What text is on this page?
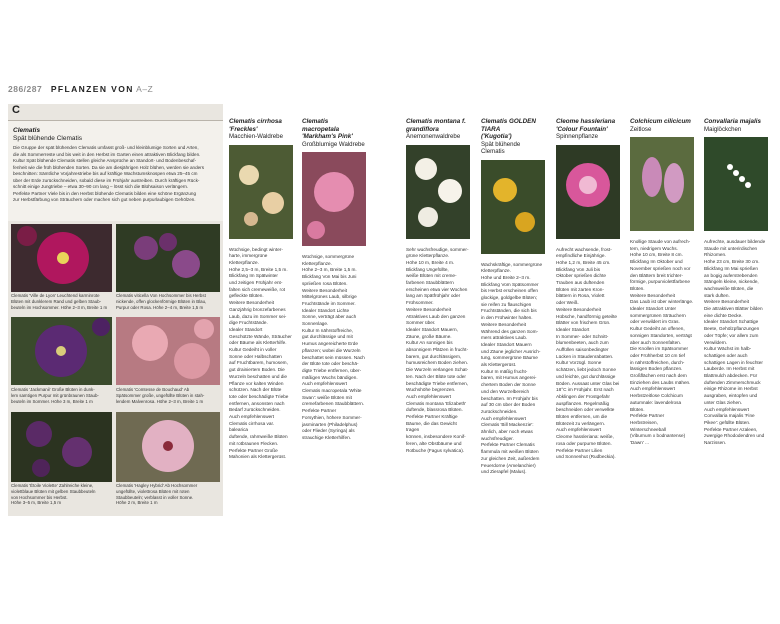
286/287 PFLANZEN VON A–Z
C
Clematis
Spät blühende Clematis
Die Gruppe der spät blühenden Clematis umfasst groß- und kleinblumige Sorten und Arten,
die als Sommerreste und bis weit in den Herbst im Garten einen attraktiven Blickfang bilden.
Kultur Spät blühende Clematis stellen gleiche Ansprüche an Standort- und Bodenbeschaf-
fenheit wie die früh blühenden Sorten. Da sie am diesjährigen Holz blühen, werden sie anders
beschnitten: Sämtliche Vorjahrestriebe bis auf kräftige Wachstumsknospen etwa 25–45 cm
über der Erde zurückschneiden, sobald diese im Frühjahr austreiben. Durch kräftigen Rück-
schnitt einige Jungtriebe – etwa 30–90 cm lang – lösst sich die Blühsaison verlängern.
Perfekte Partner Viele bis in den Herbst blühende Clematis bilden eine schöne Ergänzung
zur Herbstfärbung von Sträuchern oder machen sich gut neben purpurlaubigen Gehölzen.
Clematis 'Ville de Lyon' Leuchtend karminrote
Blüten mit dunklerem Rand und gelben Staub-
beuteln im Hochsommer. Höhe 2–3 m, Breite 1 m
Clematis viticella Von Hochsommer bis Herbst
nickende, offen glockenförmige Blüten in Blau,
Purpur oder Rosa. Höhe 2–4 m, Breite 1,5 m
Clematis 'Jackmanii' Große Blüten in dunk-
lem samtigen Purpur mit grünbraunen Staub-
beuteln im Sommer. Höhe 3 m, Breite 1 m
Clematis 'Comtesse de Bouchaud' Ab
Spätsommer große, ungefüllte Blüten in stah-
lendem Malvenrosa. Höhe 2–3 m, Breite 1 m
Clematis 'Étoile Violette' Zahlreiche kleine,
violettblaue Blüten mit gelben Staubbeuteln
von Hochsommer bis Herbst.
Höhe 3–5 m, Breite 1,5 m
Clematis 'Hagley Hybrid' Ab Hochsommer
ungefüllte, violettrosa Blüten mit roten
Staubbeuteln; verblasst in voller Sonne.
Höhe 2 m, Breite 1 m
Clematis cirrhosa
'Freckles'
Macchien-Waldrebe
Wüchsige, bedingt winter-
harte, immergrüne
Kletterpflanze.
Höhe 2,5–3 m, Breite 1,5 m.
Blickfang Im Spätwinter
und zeitigen Frühjahr ent-
falten sich cremeweiße, rot
gefleckte Blüten.
Weitere Besonderheit
Ganzjährig bronzefarbenes
Laub, dazu im Sommer sei-
dige Fruchtstände.
Idealer Standort
Geschützte Wände, Sträucher
oder Bäume als Kletterhilfe.
Kultur Gedeiht in voller
Sonne oder Halbschatten
auf Fruchtbarem, humosem,
gut drainiertem Boden. Die
Wurzeln beschatten und die
Pflanze vor kalten Winden
schützen. Nach der Blüte
tote oder beschädigte Triebe
entfernen, ansonsten nach
Bedarf zurückschneiden.
Auch empfehlenswert
Clematis cirrhosa var. balearica
duftende, rahmweiße Blüten
mit rotbraunen Flecken.
Perfekte Partner Große
Mahonien als Klettergerüst.
Clematis macropetala
'Markham's Pink'
Großblumige Waldrebe
Wüchsige, sommergrüne
Kletterpflanze.
Höhe 2–3 m, Breite 1,5 m.
Blickfang Von Mai bis Juni
spriießen rosa Blüten.
Weitere Besonderheit
Mittelgrünes Laub, silbrige
Fruchtstände im Sommer.
Idealer Standort Lichte
Sonne, verträgt aber auch
Sonnenlage.
Kultur In nährstoffreiche,
gut durchlässige und mit
Humus angereicherte Erde
pflanzen; wobei die Wurzeln
beschattet sein müssen. Nach
der Blüte tote oder beschä-
digte Triebe entfernen, über-
mäßigen Wuchs bändigen.
Auch empfehlenswert
Clematis macropetala 'White
Swan': weiße Blüten mit
cremefarbenen Staubblättern.
Perfekte Partner
Forsythien, höhere Sommer-
jasminarten (Philadelphus)
oder Flieder (Syringa) als
strauchige Kletterhilfen.
Clematis montana f.
grandiflora
Anemonenwaldrebe
Sehr wuchsfreudige, sommer-
grüne Kletterpflanze.
Höhe 10 m, Breite 4 m.
Blickfang Ungefüllte,
weiße Blüten mit creme-
farbenen Staubblättern
erscheinen etwa vier Wochen
lang am Spätfrühjahr oder
Frühsommer.
Weitere Besonderheit
Attraktives Laub den ganzen
Sommer über.
Idealer Standort Mauern,
Zäune, große Bäume.
Kultur An sonnigen bis
absonnigem Plätzen in frucht-
barem, gut durchlässigem,
humusreichem Boden ziehen.
Die Wurzeln verlangen Schat-
ten. Nach der Blüte tote oder
beschädigte Triebe entfernen,
Wuchshöhe begrenzen.
Auch empfehlenswert
Clematis montana 'Elizabeth'
duftende, blassrosa Blüten.
Perfekte Partner Kräftige
Bäume, die das Gewicht tragen
können, insbesondere Konif-
feren, alte Obstbäume und
Rotbuche (Fagus sylvatica).
Clematis GOLDEN TIARA
('Kugotia')
Spät blühende Clematis
Wachskräftige, sommergrüne
Kletterpflanze.
Höhe und Breite 2–3 m.
Blickfang Vom Spätsommer
bis Herbst erscheinen offen
glockige, goldgelbe Blüten;
sie reifen zu flauschigen
Fruchtständen, die sich bis
in den Frühwinter halten.
Weitere Besonderheit
Während des ganzen Som-
mers attraktives Laub.
Idealer Standort Mauern
und Zäune jeglicher Ausrich-
tung, sommergrüne Bäume
als Klettergerüst.
Kultur In mäßig frucht-
baren, mit Humus angerei-
chertem Boden der Sonne
und den Wurzelbereich
beschatten. Im Frühjahr bis
auf 30 cm über der Boden
zurückschneiden.
Auch empfehlenswert
Clematis 'Bill Mackenzie':
ähnlich, aber noch etwas
wuchsfreudiger.
Perfekte Partner Clematis
flammula mit weißen Blüten
zur gleichen Zeit, außerdem
Feuerdorne (Amelanchier)
und Zierapfel (Malus).
Cleome hassleriana
'Colour Fountain'
Spinnenpflanze
Aufrecht wachsende, frost-
empfindliche Einjährige.
Höhe 1,2 m, Breite 45 cm.
Blickfang Von Juli bis
Oktober sprießen dichte
Trauben aus duftenden
Blüten mit zarten Kron-
blättern in Rosa, Violett
oder Weiß.
Weitere Besonderheit
Hübsche, handförmig geteilte
Blätter von frischem Grün.
Idealer Standort
In Sommer- oder Schnitt-
blumenbeeten, auch zum
Auffüllen saisonbedingter
Lücken in Staudenrabatten.
Kultur Vorzügl. Sonne
schätzen, liebt jedoch Sonne
und leichte, gut durchlässige
Böden. Aussaat unter Glas bei
18°C im Frühjahr. Erst nach
Abklingen der Frostgefahr
auspflanzen. Regelmäßig
beschneiden oder verwelkte
Blüten entfernen, um die
Blütezeit zu verlängern.
Auch empfehlenswert
Cleome hassleriana: weiße,
rosa oder purpurne Blüten.
Perfekte Partner Lilien
und Sonnenhut (Rudbeckia).
Colchicum cilicicum
Zeitlose
Knollige Staude von aufrech-
tem, niedrigem Wuchs.
Höhe 10 cm, Breite 8 cm.
Blickfang Im Oktober und
November sprießen noch vor
den Blättern breit trichter-
förmige, purpurviolettfarbene
Blüten.
Weitere Besonderheit
Das Laub ist über winterlänge.
Idealer Standort Unter
sommergrünen Sträuchern
oder verwildert im Gras.
Kultur Gedeiht an offenen,
sonnigen Standorten, verträgt
aber auch Sonnenfalten.
Die Knollen im Spätsommer
oder Frühherbst 10 cm tief
in nährstoffreichen, durch-
lässigen Boden pflanzen.
Großflächen erst nach dem
Einziehen des Laubs mähen.
Auch empfehlenswert
Herbstzeitlose Colchicum
autumnale: lavendelrosa
Blüten.
Perfekte Partner
Herbstreisen, Winterschneeball
(Viburnum x bodnantense)
'Dawn' ...
Convallaria majalis
Maiglöckchen
Aufrechte, ausdauer bildende
Staude mit unterirdischen
Rhizomen.
Höhe 23 cm, Breite 30 cm.
Blickfang Im Mai sprießen
an bogig auferstrebenden
Stängeln kleine, nickende,
wachsweiße Blüten, die
stark duften.
Weitere Besonderheit
Die attraktiven Blätter bilden
eine dichte Decke.
Idealer Standort Schattige
Beete, Gehölzpflanzungen
oder Töpfe; vor allem zum
Verwildern.
Kultur Wächst im halb-
schattigen oder auch
schattigen Lagen in feuchter
Lauberde. Im Herbst mit
Blattmulch abdecken. Für
duftenden Zimmerschmuck
einige Rhizome im Herbst
ausgraben, eintopfen und
unter Glas ziehen.
Auch empfehlenswert
Convallaria majalis 'Fine
Pikee': gefüllte Blüten.
Perfekte Partner Azaleen,
zwergige Rhododendren und
Narzissen.
